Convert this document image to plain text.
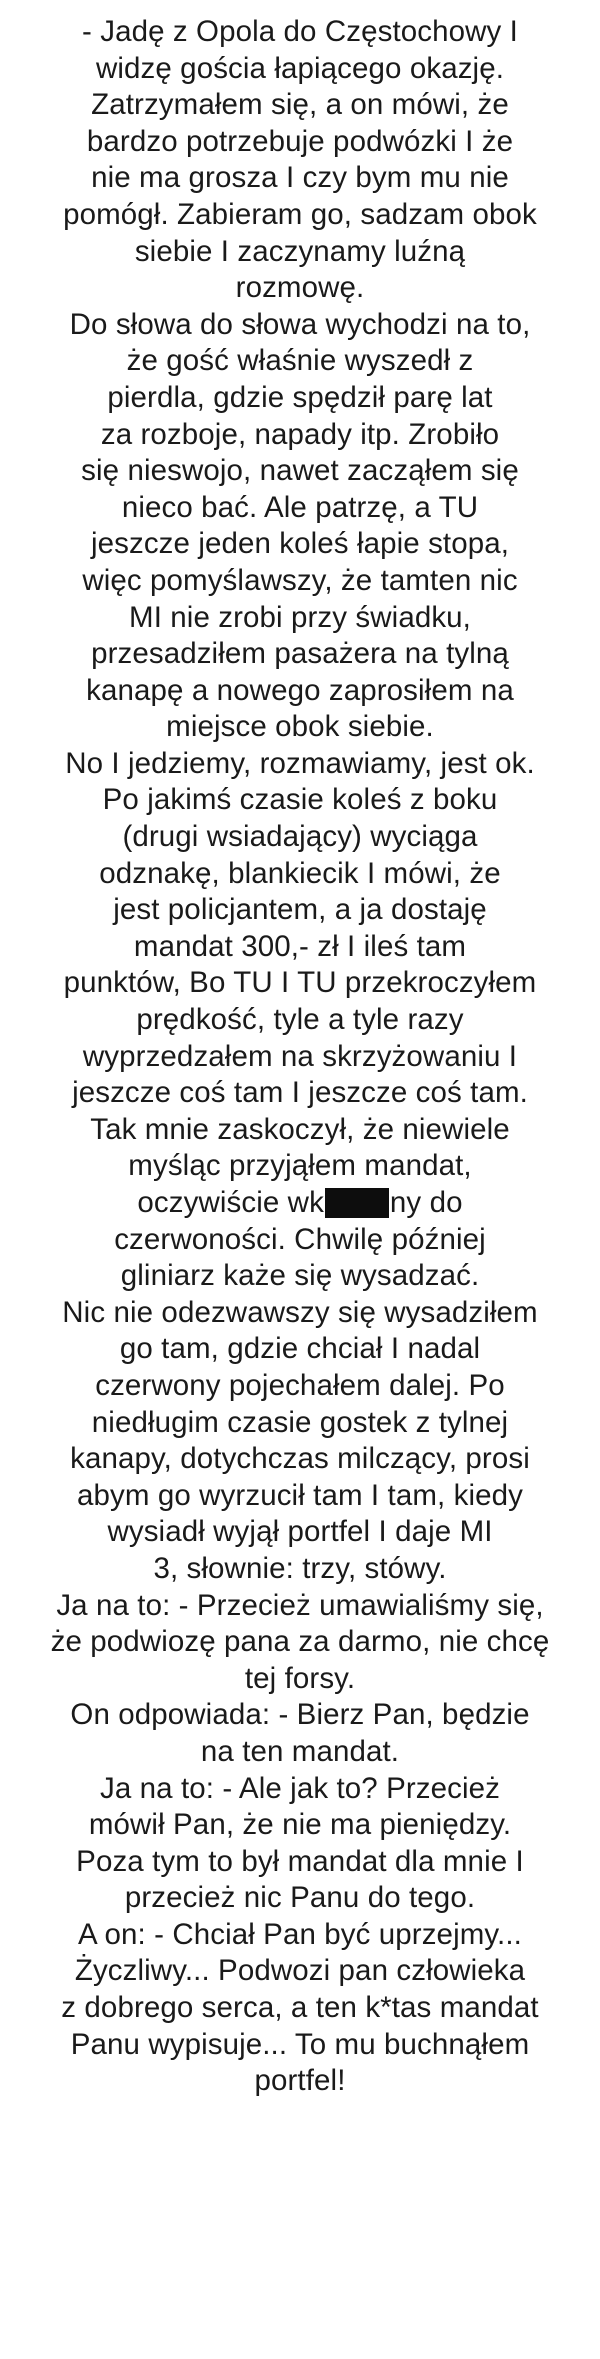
- Jadę z Opola do Częstochowy I
widzę gościa łapiącego okazję.
Zatrzymałem się, a on mówi, że
bardzo potrzebuje podwózki I że
nie ma grosza I czy bym mu nie
pomógł. Zabieram go, sadzam obok
siebie I zaczynamy luźną
rozmowę.
Do słowa do słowa wychodzi na to,
że gość właśnie wyszedł z
pierdla, gdzie spędził parę lat
za rozboje, napady itp. Zrobiło
się nieswojo, nawet zacząłem się
nieco bać. Ale patrzę, a TU
jeszcze jeden koleś łapie stopa,
więc pomyślawszy, że tamten nic
MI nie zrobi przy świadku,
przesadziłem pasażera na tylną
kanapę a nowego zaprosiłem na
miejsce obok siebie.
No I jedziemy, rozmawiamy, jest ok.
Po jakimś czasie koleś z boku
(drugi wsiadający) wyciąga
odznakę, blankiecik I mówi, że
jest policjantem, a ja dostaję
mandat 300,- zł I ileś tam
punktów, Bo TU I TU przekroczyłem
prędkość, tyle a tyle razy
wyprzedzałem na skrzyżowaniu I
jeszcze coś tam I jeszcze coś tam.
Tak mnie zaskoczył, że niewiele
myśląc przyjąłem mandat,
oczywiście wk ny do
czerwoności. Chwilę później
gliniarz każe się wysadzać.
Nic nie odezwawszy się wysadziłem
go tam, gdzie chciał I nadal
czerwony pojechałem dalej. Po
niedługim czasie gostek z tylnej
kanapy, dotychczas milczący, prosi
abym go wyrzucił tam I tam, kiedy
wysiadł wyjął portfel I daje MI
3, słownie: trzy, stówy.
Ja na to: - Przecież umawialiśmy się,
że podwiozę pana za darmo, nie chcę
tej forsy.
On odpowiada: - Bierz Pan, będzie
na ten mandat.
Ja na to: - Ale jak to? Przecież
mówił Pan, że nie ma pieniędzy.
Poza tym to był mandat dla mnie I
przecież nic Panu do tego.
A on: - Chciał Pan być uprzejmy...
Życzliwy... Podwozi pan człowieka
z dobrego serca, a ten k*tas mandat
Panu wypisuje... To mu buchnąłem
portfel!
